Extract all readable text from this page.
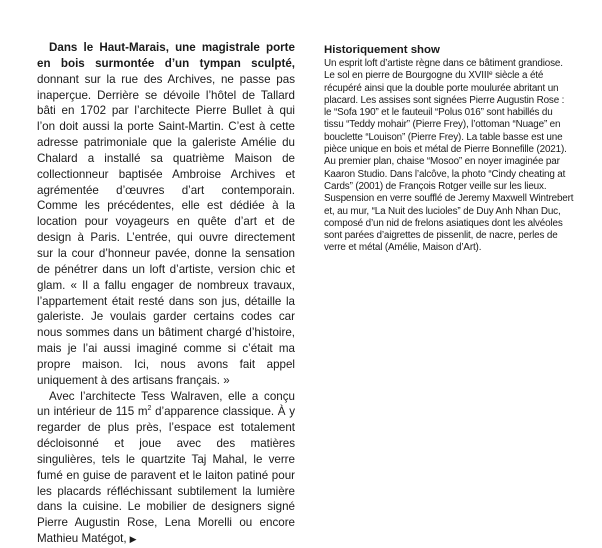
Dans le Haut-Marais, une magistrale porte en bois surmontée d’un tympan sculpté, donnant sur la rue des Archives, ne passe pas inaperçue. Derrière se dévoile l’hôtel de Tallard bâti en 1702 par l’architecte Pierre Bullet à qui l’on doit aussi la porte Saint-Martin. C’est à cette adresse patrimoniale que la galeriste Amélie du Chalard a installé sa quatrième Maison de collectionneur baptisée Ambroise Archives et agrémentée d’œuvres d’art contemporain. Comme les précédentes, elle est dédiée à la location pour voyageurs en quête d’art et de design à Paris. L’entrée, qui ouvre directement sur la cour d’honneur pavée, donne la sensation de pénétrer dans un loft d’artiste, version chic et glam. « Il a fallu engager de nombreux travaux, l’appartement était resté dans son jus, détaille la galeriste. Je voulais garder certains codes car nous sommes dans un bâtiment chargé d’histoire, mais je l’ai aussi imaginé comme si c’était ma propre maison. Ici, nous avons fait appel uniquement à des artisans français. »

Avec l’architecte Tess Walraven, elle a conçu un intérieur de 115 $m^2$ d’apparence classique. À y regarder de plus près, l’espace est totalement décloisonné et joue avec des matières singulières, tels le quartzite Taj Mahal, le verre fumé en guise de paravent et le laiton patiné pour les placards réfléchissant subtilement la lumière dans la cuisine. Le mobilier de designers signé Pierre Augustin Rose, Lena Morelli ou encore Mathieu Matégot, ▶

Historiquement show

Un esprit loft d’artiste règne dans ce bâtiment grandiose. Le sol en pierre de Bourgogne du XVIIIe siècle a été récupéré ainsi que la double porte moulurée abritant un placard. Les assises sont signées Pierre Augustin Rose : le “Sofa 190” et le fauteuil “Polus 016” sont habillés du tissu “Teddy mohair” (Pierre Frey), l’ottoman “Nuage” en bouclette “Louison” (Pierre Frey). La table basse est une pièce unique en bois et métal de Pierre Bonnefille (2021). Au premier plan, chaise “Mosoo” en noyer imaginée par Kaaron Studio. Dans l’alcôve, la photo “Cindy cheating at Cards” (2001) de François Rotger veille sur les lieux. Suspension en verre soufflé de Jeremy Maxwell Wintrebert et, au mur, “La Nuit des lucioles” de Duy Anh Nhan Duc, composé d’un nid de frelons asiatiques dont les alvéoles sont parées d’aigrettes de pissenlit, de nacre, perles de verre et métal (Amélie, Maison d’Art).
